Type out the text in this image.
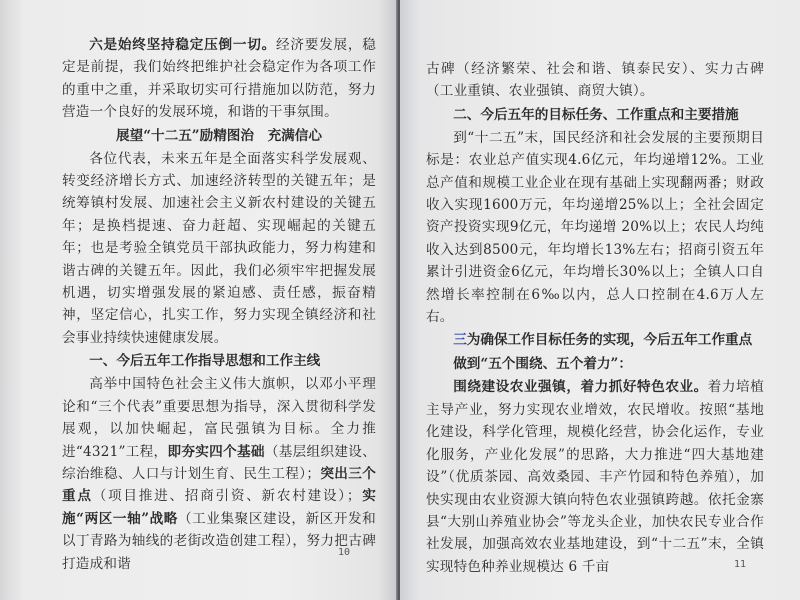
六是始终坚持稳定压倒一切。经济要发展，稳定是前提，我们始终把维护社会稳定作为各项工作的重中之重，并采取切实可行措施加以防范，努力营造一个良好的发展环境，和谐的干事氛围。

展望“十二五”励精图治　充满信心

各位代表，未来五年是全面落实科学发展观、转变经济增长方式、加速经济转型的关键五年；是统筹镇村发展、加速社会主义新农村建设的关键五年；是换档提速、奋力赶超、实现崛起的关键五年；也是考验全镇党员干部执政能力，努力构建和谐古碑的关键五年。因此，我们必须牢牢把握发展机遇，切实增强发展的紧迫感、责任感，振奋精神，坚定信心，扎实工作，努力实现全镇经济和社会事业持续快速健康发展。

一、今后五年工作指导思想和工作主线

高举中国特色社会主义伟大旗帜，以邓小平理论和“三个代表”重要思想为指导，深入贯彻科学发展观，以加快崛起，富民强镇为目标。全力推进“4321”工程，即夯实四个基础（基层组织建设、综治维稳、人口与计划生育、民生工程）；突出三个重点（项目推进、招商引资、新农村建设）；实施“两区一轴”战略（工业集聚区建设，新区开发和以丁青路为轴线的老街改造创建工程），努力把古碑打造成和谐

10

古碑（经济繁荣、社会和谐、镇泰民安）、实力古碑（工业重镇、农业强镇、商贸大镇）。

二、今后五年的目标任务、工作重点和主要措施

到“十二五”末，国民经济和社会发展的主要预期目标是：农业总产值实现4.6亿元，年均递增12%。工业总产值和规模工业企业在现有基础上实现翻两番；财政收入实现1600万元，年均递增25%以上；全社会固定资产投资实现9亿元，年均递增 20%以上；农民人均纯收入达到8500元，年均增长13%左右；招商引资五年累计引进资金6亿元，年均增长30%以上；全镇人口自然增长率控制在6‰以内，总人口控制在4.6万人左右。

三为确保工作目标任务的实现，今后五年工作重点做到“五个围绕、五个着力”：

围绕建设农业强镇，着力抓好特色农业。着力培植主导产业，努力实现农业增效，农民增收。按照“基地化建设，科学化管理，规模化经营，协会化运作，专业化服务，产业化发展”的思路，大力推进“四大基地建设”（优质茶园、高效桑园、丰产竹园和特色养殖），加快实现由农业资源大镇向特色农业强镇跨越。依托金寨县“大别山养殖业协会”等龙头企业，加快农民专业合作社发展，加强高效农业基地建设，到“十二五”末，全镇实现特色种养业规模达 6 千亩	11
